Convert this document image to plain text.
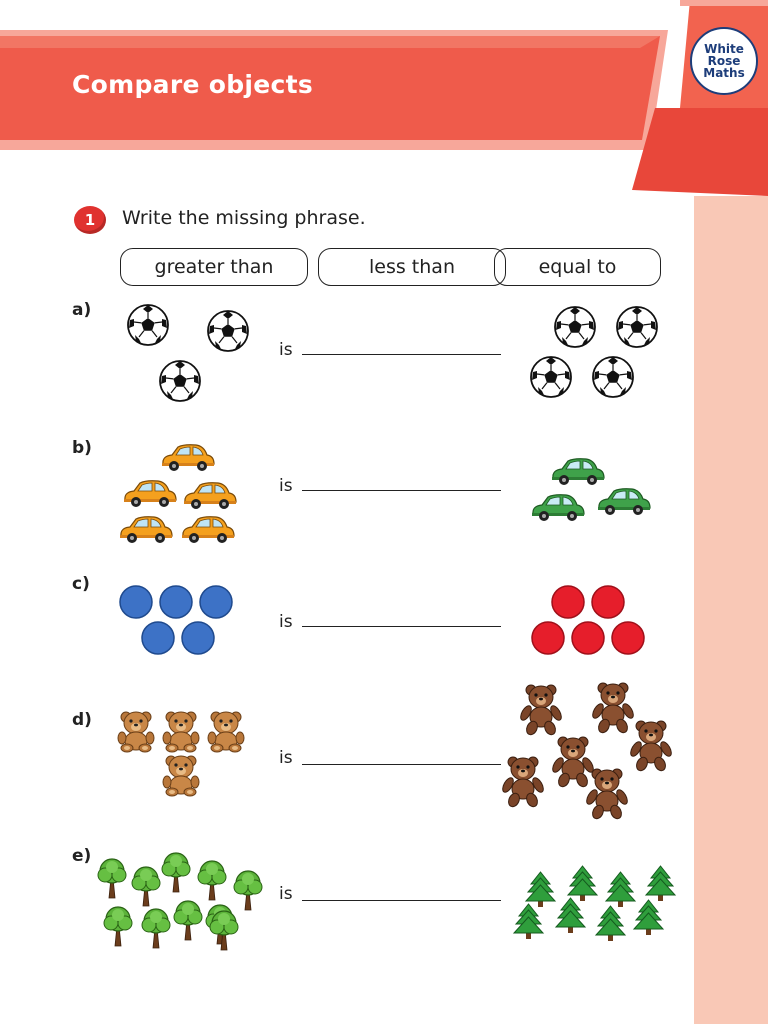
Compare objects
White
Rose
Maths
1	Write the missing phrase.
greater than	less than	equal to
a)
is
b)
is
c)
is
d)
is
e)
is
